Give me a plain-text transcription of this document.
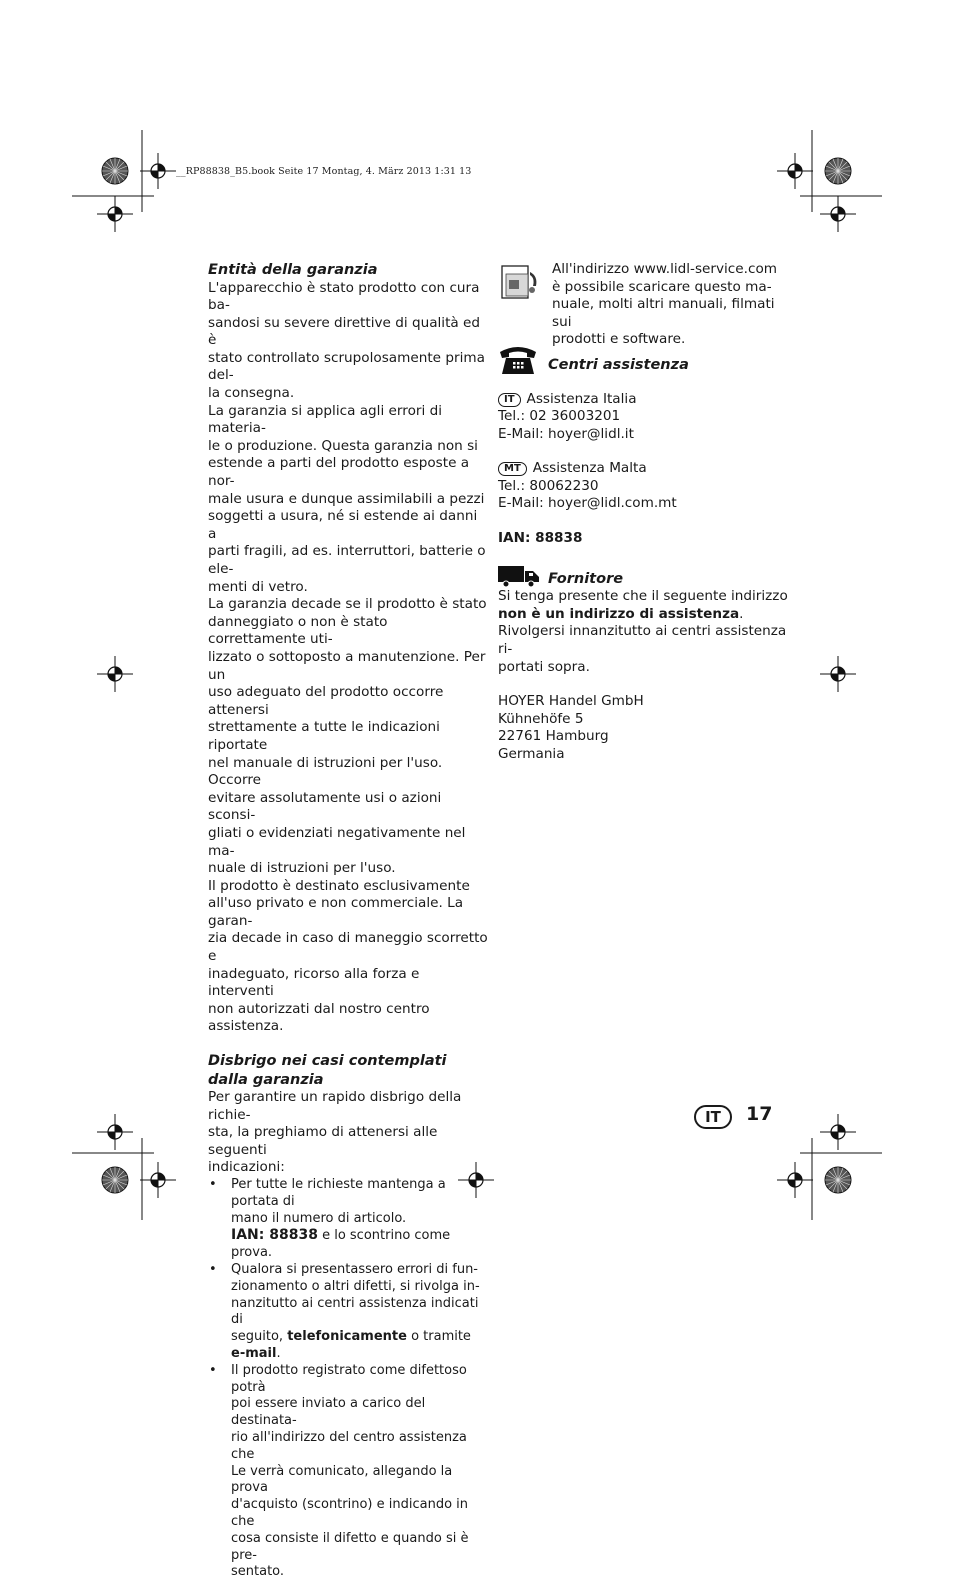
__RP88838_B5.book Seite 17 Montag, 4. März 2013 1:31 13

Entità della garanzia

L'apparecchio è stato prodotto con cura ba-

sandosi su severe direttive di qualità ed è

stato controllato scrupolosamente prima del-

la consegna.

La garanzia si applica agli errori di materia-

le o produzione. Questa garanzia non si

estende a parti del prodotto esposte a nor-

male usura e dunque assimilabili a pezzi

soggetti a usura, né si estende ai danni a

parti fragili, ad es. interruttori, batterie o ele-

menti di vetro.

La garanzia decade se il prodotto è stato

danneggiato o non è stato correttamente uti-

lizzato o sottoposto a manutenzione. Per un

uso adeguato del prodotto occorre attenersi

strettamente a tutte le indicazioni riportate

nel manuale di istruzioni per l'uso. Occorre

evitare assolutamente usi o azioni sconsi-

gliati o evidenziati negativamente nel ma-

nuale di istruzioni per l'uso.

Il prodotto è destinato esclusivamente

all'uso privato e non commerciale. La garan-

zia decade in caso di maneggio scorretto e

inadeguato, ricorso alla forza e interventi

non autorizzati dal nostro centro assistenza.

Disbrigo nei casi contemplati

dalla garanzia

Per garantire un rapido disbrigo della richie-

sta, la preghiamo di attenersi alle seguenti

indicazioni:

• Per tutte le richieste mantenga a portata di

mano il numero di articolo.

IAN: 88838 e lo scontrino come prova.

• Qualora si presentassero errori di fun-

zionamento o altri difetti, si rivolga in-

nanzitutto ai centri assistenza indicati di

seguito, telefonicamente o tramite

e-mail.

• Il prodotto registrato come difettoso potrà

poi essere inviato a carico del destinata-

rio all'indirizzo del centro assistenza che

Le verrà comunicato, allegando la prova

d'acquisto (scontrino) e indicando in che

cosa consiste il difetto e quando si è pre-

sentato.

All'indirizzo www.lidl-service.com

è possibile scaricare questo ma-

nuale, molti altri manuali, filmati sui

prodotti e software.

Centri assistenza

IT Assistenza Italia

Tel.: 02 36003201

E-Mail: hoyer@lidl.it

MT Assistenza Malta

Tel.: 80062230

E-Mail: hoyer@lidl.com.mt

IAN: 88838

Fornitore

Si tenga presente che il seguente indirizzo

non è un indirizzo di assistenza.

Rivolgersi innanzitutto ai centri assistenza ri-

portati sopra.

HOYER Handel GmbH

Kühnehöfe 5

22761 Hamburg

Germania

IT	17
